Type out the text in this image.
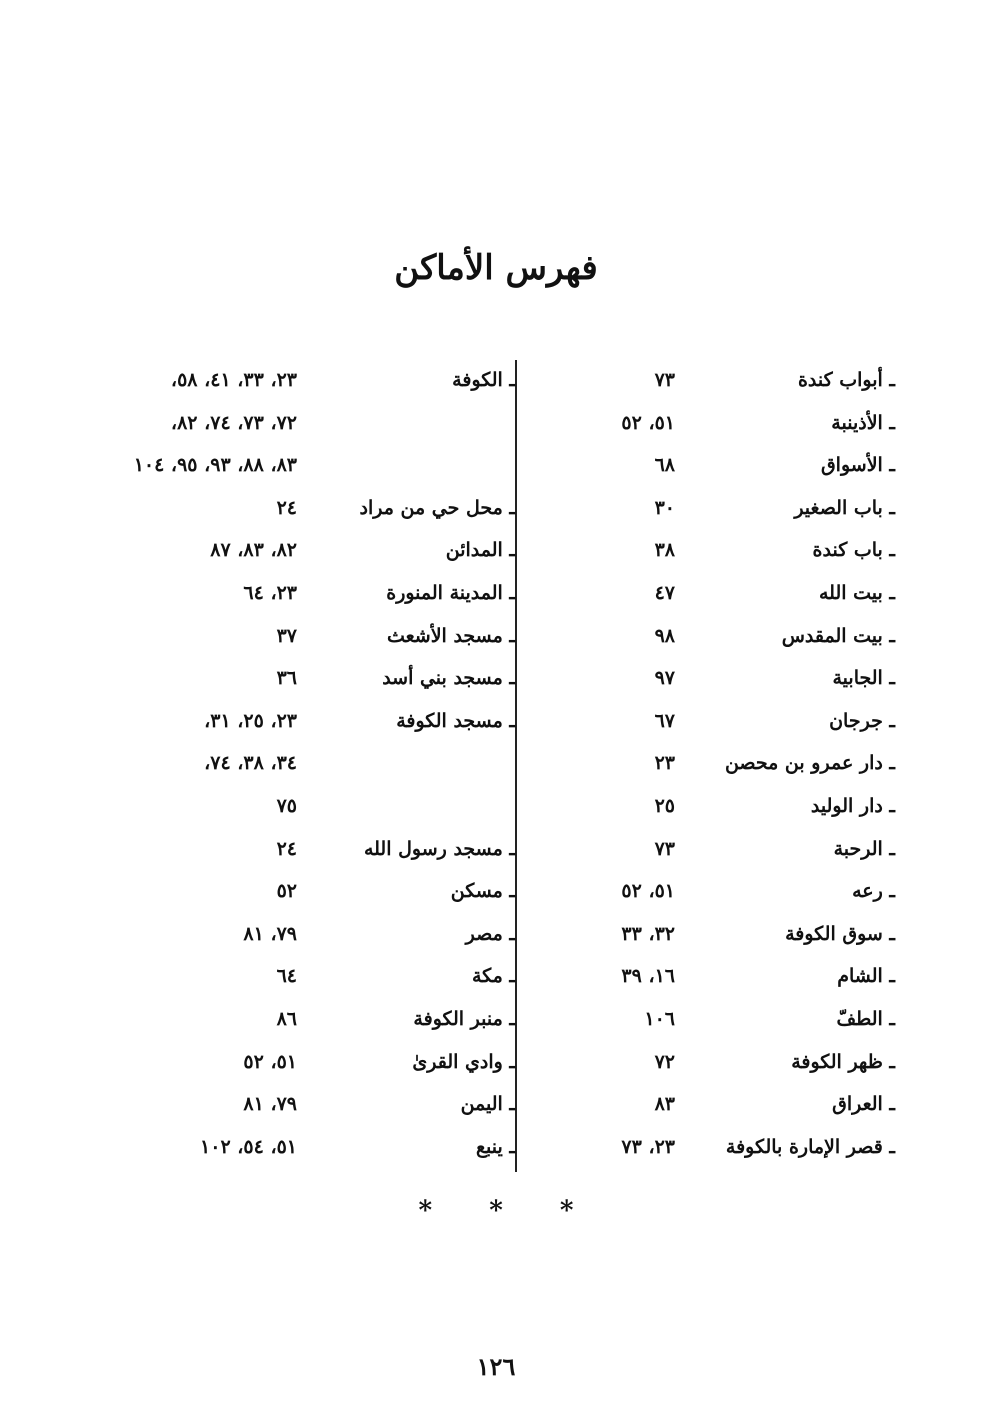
فهرس الأماكن
ـ أبواب كندة
٧٣
ـ الأذينبة
٥١، ٥٢
ـ الأسواق
٦٨
ـ باب الصغير
٣٠
ـ باب كندة
٣٨
ـ بيت الله
٤٧
ـ بيت المقدس
٩٨
ـ الجابية
٩٧
ـ جرجان
٦٧
ـ دار عمرو بن محصن
٢٣
ـ دار الوليد
٢٥
ـ الرحبة
٧٣
ـ رعه
٥١، ٥٢
ـ سوق الكوفة
٣٢، ٣٣
ـ الشام
١٦، ٣٩
ـ الطفّ
١٠٦
ـ ظهر الكوفة
٧٢
ـ العراق
٨٣
ـ قصر الإمارة بالكوفة
٢٣، ٧٣
ـ الكوفة
٢٣، ٣٣، ٤١، ٥٨،
٧٢، ٧٣، ٧٤، ٨٢،
٨٣، ٨٨، ٩٣، ٩٥، ١٠٤
ـ محل حي من مراد
٢٤
ـ المدائن
٨٢، ٨٣، ٨٧
ـ المدينة المنورة
٢٣، ٦٤
ـ مسجد الأشعث
٣٧
ـ مسجد بني أسد
٣٦
ـ مسجد الكوفة
٢٣، ٢٥، ٣١،
٣٤، ٣٨، ٧٤،
٧٥
ـ مسجد رسول الله
٢٤
ـ مسكن
٥٢
ـ مصر
٧٩، ٨١
ـ مكة
٦٤
ـ منبر الكوفة
٨٦
ـ وادي القرىٰ
٥١، ٥٢
ـ اليمن
٧٩، ٨١
ـ ينبع
٥١، ٥٤، ١٠٢
* * *
١٢٦
